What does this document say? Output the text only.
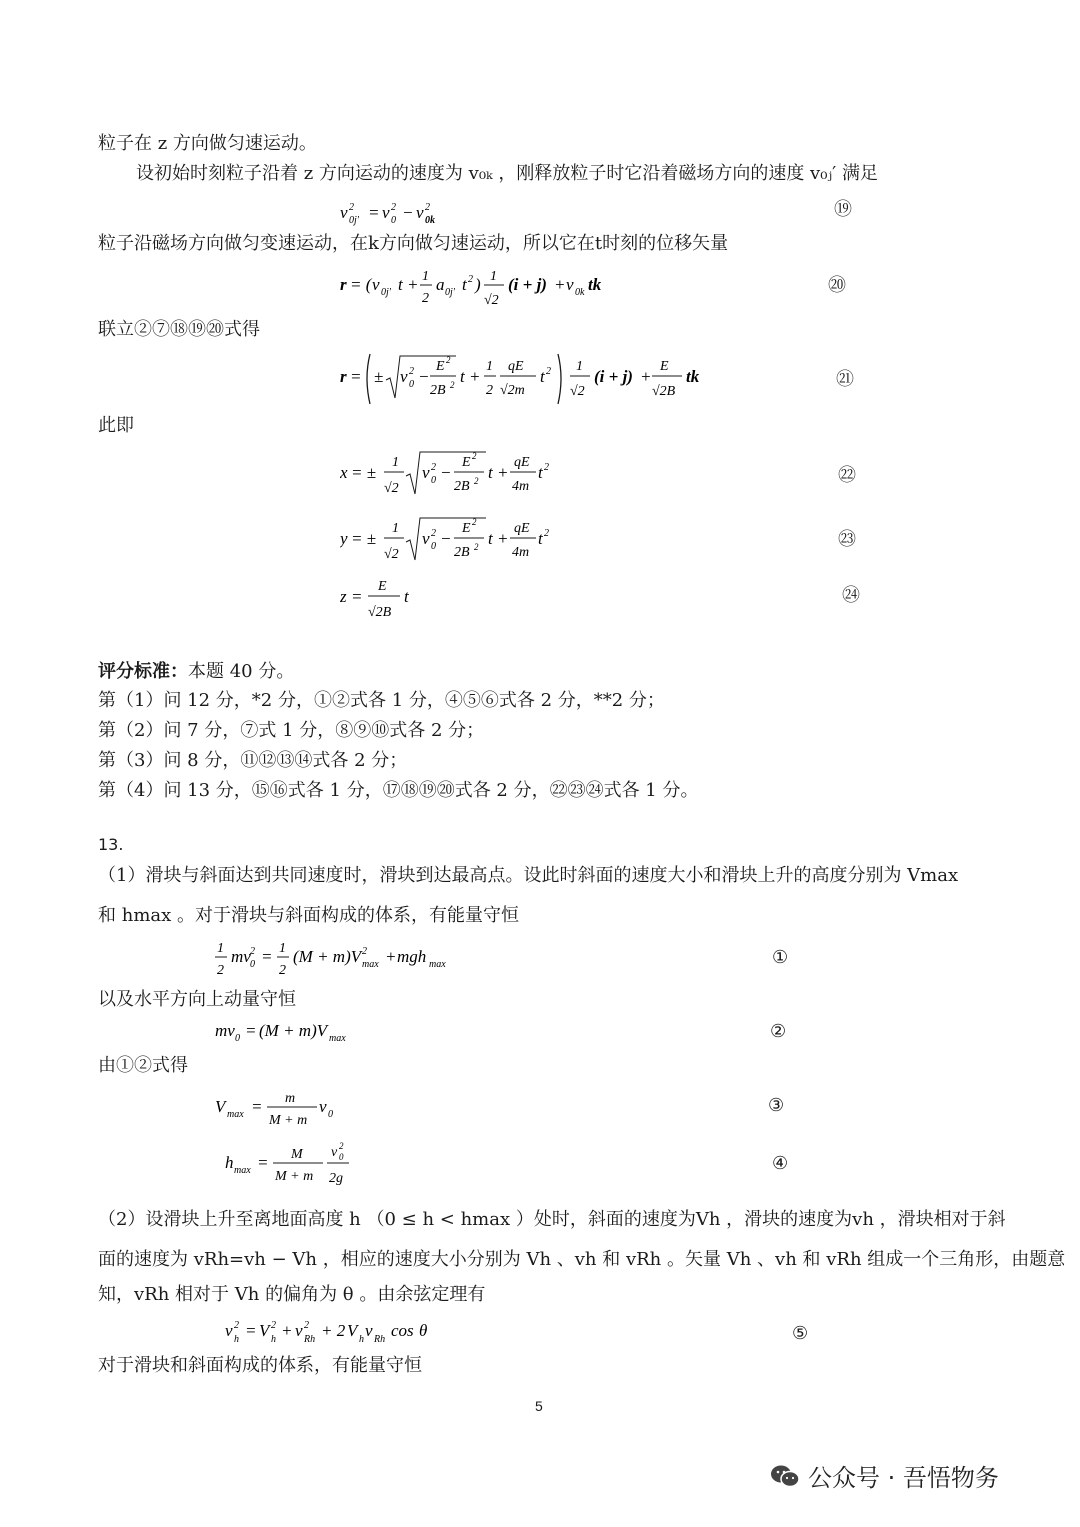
粒子在 z 方向做匀速运动。
设初始时刻粒子沿着 z 方向运动的速度为 v₀ₖ ，刚释放粒子时它沿着磁场方向的速度 v₀ⱼ′ 满足
v 2
0j′ = v 2
0 − v 2
0k
⑲
粒子沿磁场方向做匀变速运动，在k方向做匀速运动，所以它在t时刻的位移矢量
r = ( v 0j′ t + 1
2
a 0j′ t 2 ) 1
√2
(i + j) + v 0k tk	⑳
联立②⑦⑱⑲⑳式得
r = ± v 2
0 −
E 2
2B 2 t +
1
2
qE
√2m
t 2 1
√2
(i + j) +
E
√2B
tk	㉑
此即
x = ±
1
√2
v 2
0 −
E 2
2B 2 t +
qE
4m
t 2	㉒
y = ±
1
√2
v 2
0 −
E 2
2B 2 t +
qE
4m
t 2	㉓
z =
E
√2B
t	㉔
评分标准：本题 40 分。
第（1）问 12 分，*2 分，①②式各 1 分，④⑤⑥式各 2 分，**2 分；
第（2）问 7 分，⑦式 1 分，⑧⑨⑩式各 2 分；
第（3）问 8 分，⑪⑫⑬⑭式各 2 分；
第（4）问 13 分，⑮⑯式各 1 分，⑰⑱⑲⑳式各 2 分，㉒㉓㉔式各 1 分。
13.
（1）滑块与斜面达到共同速度时，滑块到达最高点。设此时斜面的速度大小和滑块上升的高度分别为 Vmax
和 hmax 。对于滑块与斜面构成的体系，有能量守恒
1
2
mv 2
0 = 1
2
(M + m)V 2
max + mgh max	①
以及水平方向上动量守恒
mv 0 = (M + m)V max	②
由①②式得
V max = m
M + m
v 0	③
h max = M
M + m
v 2
0
2g
④
（2）设滑块上升至离地面高度 h （0 ≤ h < hmax ）处时，斜面的速度为Vh ，滑块的速度为vh ，滑块相对于斜
面的速度为 vRh=vh − Vh ，相应的速度大小分别为 Vh 、vh 和 vRh 。矢量 Vh 、vh 和 vRh 组成一个三角形，由题意
知，vRh 相对于 Vh 的偏角为 θ 。由余弦定理有
v 2
h = V 2
h + v 2
Rh + 2 V h v Rh cos θ	⑤
对于滑块和斜面构成的体系，有能量守恒
5
公众号 · 吾悟物务
